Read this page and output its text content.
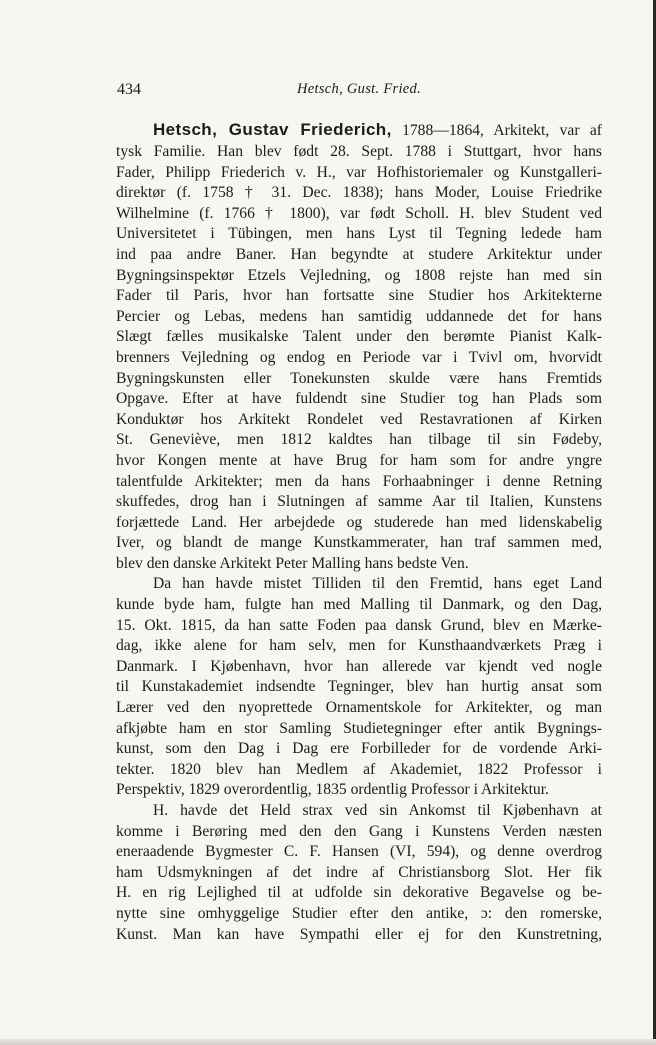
434	Hetsch, Gust. Fried.
Hetsch, Gustav Friederich, 1788—1864, Arkitekt, var af
tysk Familie. Han blev født 28. Sept. 1788 i Stuttgart, hvor hans
Fader, Philipp Friederich v. H., var Hofhistoriemaler og Kunstgalleri-
direktør (f. 1758 † 31. Dec. 1838); hans Moder, Louise Friedrike
Wilhelmine (f. 1766 † 1800), var født Scholl. H. blev Student ved
Universitetet i Tübingen, men hans Lyst til Tegning ledede ham
ind paa andre Baner. Han begyndte at studere Arkitektur under
Bygningsinspektør Etzels Vejledning, og 1808 rejste han med sin
Fader til Paris, hvor han fortsatte sine Studier hos Arkitekterne
Percier og Lebas, medens han samtidig uddannede det for hans
Slægt fælles musikalske Talent under den berømte Pianist Kalk-
brenners Vejledning og endog en Periode var i Tvivl om, hvorvidt
Bygningskunsten eller Tonekunsten skulde være hans Fremtids
Opgave. Efter at have fuldendt sine Studier tog han Plads som
Konduktør hos Arkitekt Rondelet ved Restavrationen af Kirken
St. Geneviève, men 1812 kaldtes han tilbage til sin Fødeby,
hvor Kongen mente at have Brug for ham som for andre yngre
talentfulde Arkitekter; men da hans Forhaabninger i denne Retning
skuffedes, drog han i Slutningen af samme Aar til Italien, Kunstens
forjættede Land. Her arbejdede og studerede han med lidenskabelig
Iver, og blandt de mange Kunstkammerater, han traf sammen med,
blev den danske Arkitekt Peter Malling hans bedste Ven.
Da han havde mistet Tilliden til den Fremtid, hans eget Land
kunde byde ham, fulgte han med Malling til Danmark, og den Dag,
15. Okt. 1815, da han satte Foden paa dansk Grund, blev en Mærke-
dag, ikke alene for ham selv, men for Kunsthaandværkets Præg i
Danmark. I Kjøbenhavn, hvor han allerede var kjendt ved nogle
til Kunstakademiet indsendte Tegninger, blev han hurtig ansat som
Lærer ved den nyoprettede Ornamentskole for Arkitekter, og man
afkjøbte ham en stor Samling Studietegninger efter antik Bygnings-
kunst, som den Dag i Dag ere Forbilleder for de vordende Arki-
tekter. 1820 blev han Medlem af Akademiet, 1822 Professor i
Perspektiv, 1829 overordentlig, 1835 ordentlig Professor i Arkitektur.
H. havde det Held strax ved sin Ankomst til Kjøbenhavn at
komme i Berøring med den den Gang i Kunstens Verden næsten
eneraadende Bygmester C. F. Hansen (VI, 594), og denne overdrog
ham Udsmykningen af det indre af Christiansborg Slot. Her fik
H. en rig Lejlighed til at udfolde sin dekorative Begavelse og be-
nytte sine omhyggelige Studier efter den antike, ɔ: den romerske,
Kunst. Man kan have Sympathi eller ej for den Kunstretning,
